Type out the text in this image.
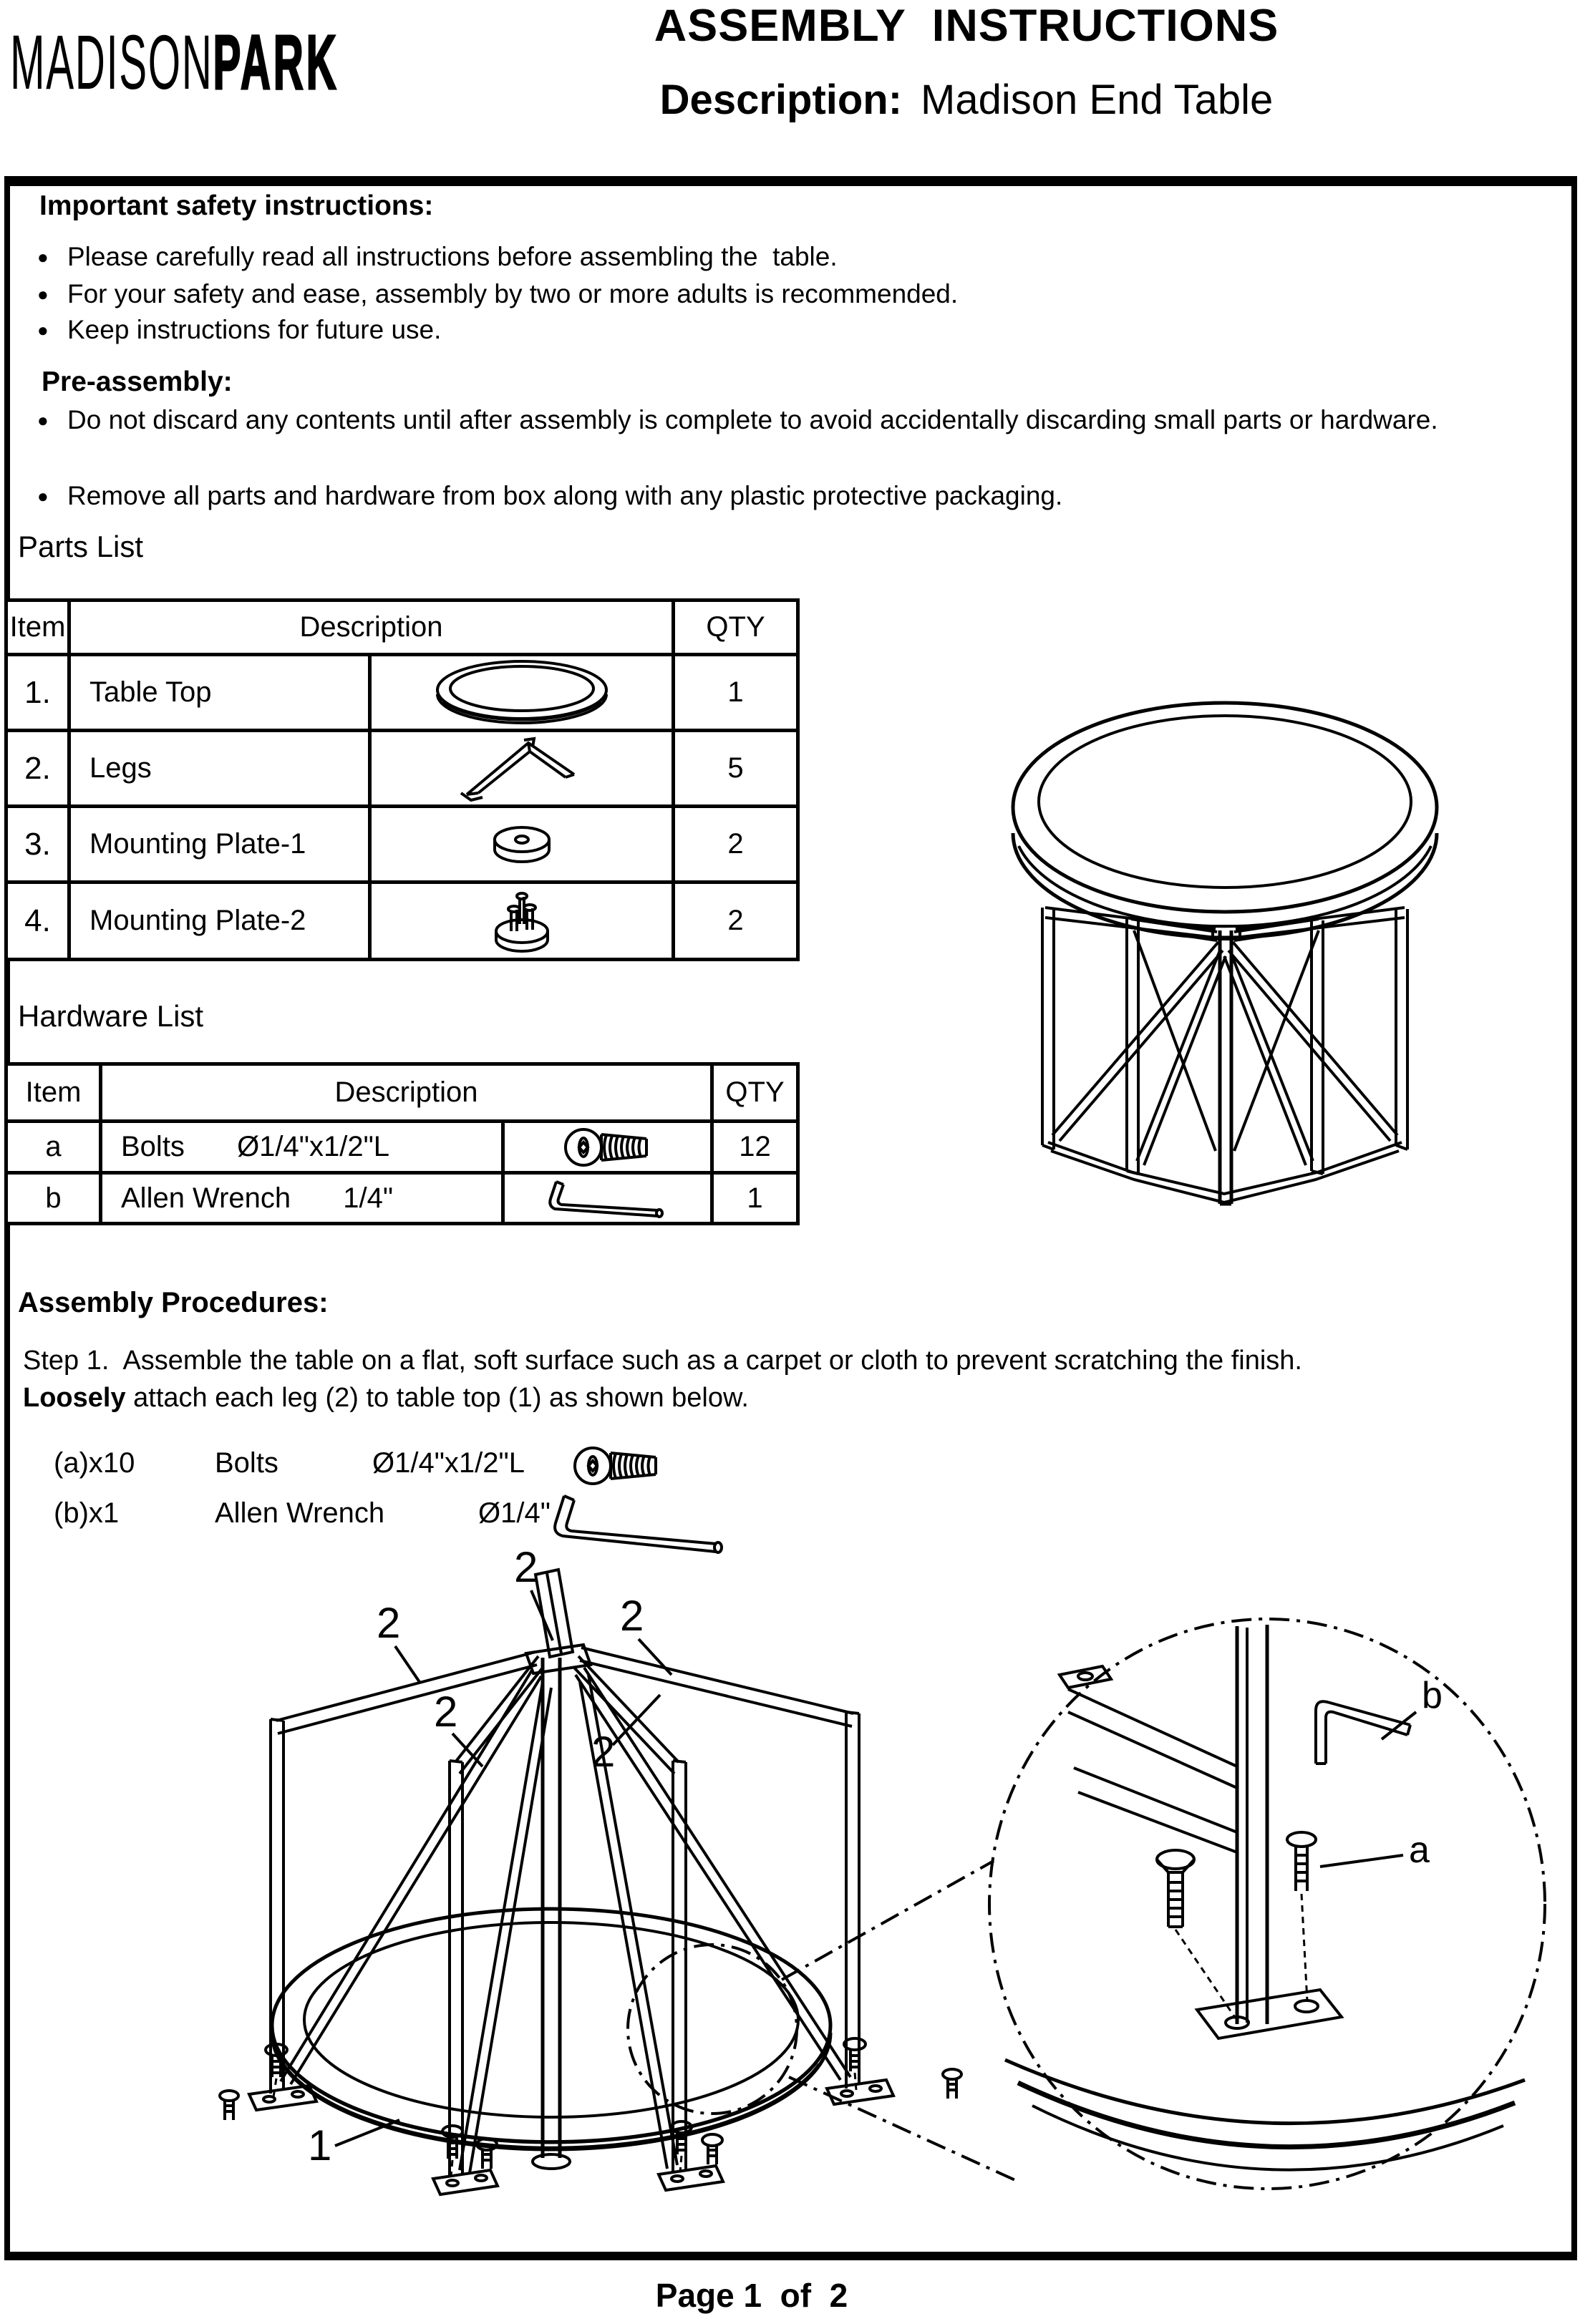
MADISONPARK	ASSEMBLY  INSTRUCTIONS
Description: Madison End Table
Important safety instructions:
● Please carefully read all instructions before assembling the  table.
● For your safety and ease, assembly by two or more adults is recommended.
● Keep instructions for future use.
Pre-assembly:
● Do not discard any contents until after assembly is complete to avoid accidentally discarding small parts or hardware.
● Remove all parts and hardware from box along with any plastic protective packaging.
Parts List
Item	Description		QTY
1.	Table Top		1
2.	Legs		5
3.	Mounting Plate-1		2
4.	Mounting Plate-2		2
Hardware List
Item	Description		QTY
a	Bolts Ø1/4"x1/2"L		12
b	Allen Wrench 1/4"		1
Assembly Procedures:
Step 1.  Assemble the table on a flat, soft surface such as a carpet or cloth to prevent scratching the finish.
Loosely attach each leg (2) to table top (1) as shown below.
(a)x10	Bolts	Ø1/4"x1/2"L
(b)x1	Allen Wrench	Ø1/4"
2
2	2
2
2
1
b
a
Page 1  of  2
